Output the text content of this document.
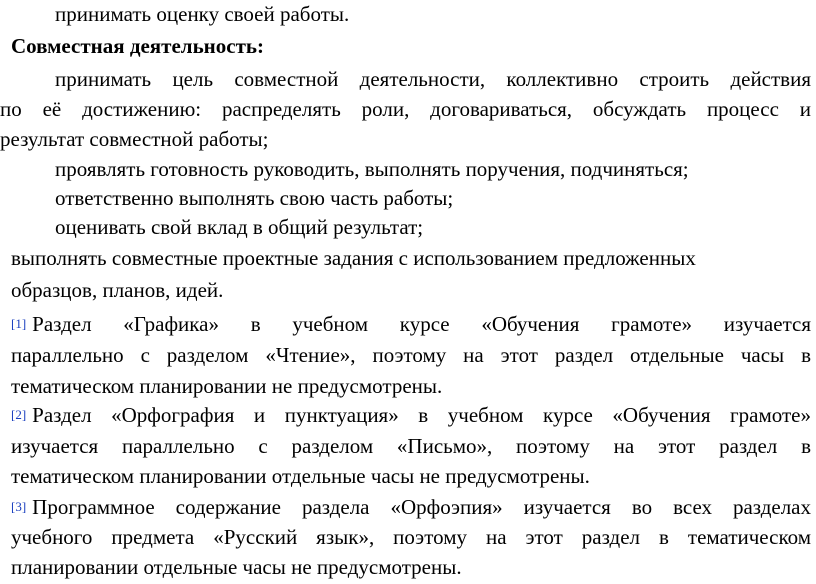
принимать оценку своей работы.
Совместная деятельность:
принимать цель совместной деятельности, коллективно строить действия
по её достижению: распределять роли, договариваться, обсуждать процесс и
результат совместной работы;
проявлять готовность руководить, выполнять поручения, подчиняться;
ответственно выполнять свою часть работы;
оценивать свой вклад в общий результат;
выполнять совместные проектные задания с использованием предложенных
образцов, планов, идей.
[1] Раздел «Графика» в учебном курсе «Обучения грамоте» изучается
параллельно с разделом «Чтение», поэтому на этот раздел отдельные часы в
тематическом планировании не предусмотрены.
[2] Раздел «Орфография и пунктуация» в учебном курсе «Обучения грамоте»
изучается параллельно с разделом «Письмо», поэтому на этот раздел в
тематическом планировании отдельные часы не предусмотрены.
[3] Программное содержание раздела «Орфоэпия» изучается во всех разделах
учебного предмета «Русский язык», поэтому на этот раздел в тематическом
планировании отдельные часы не предусмотрены.
